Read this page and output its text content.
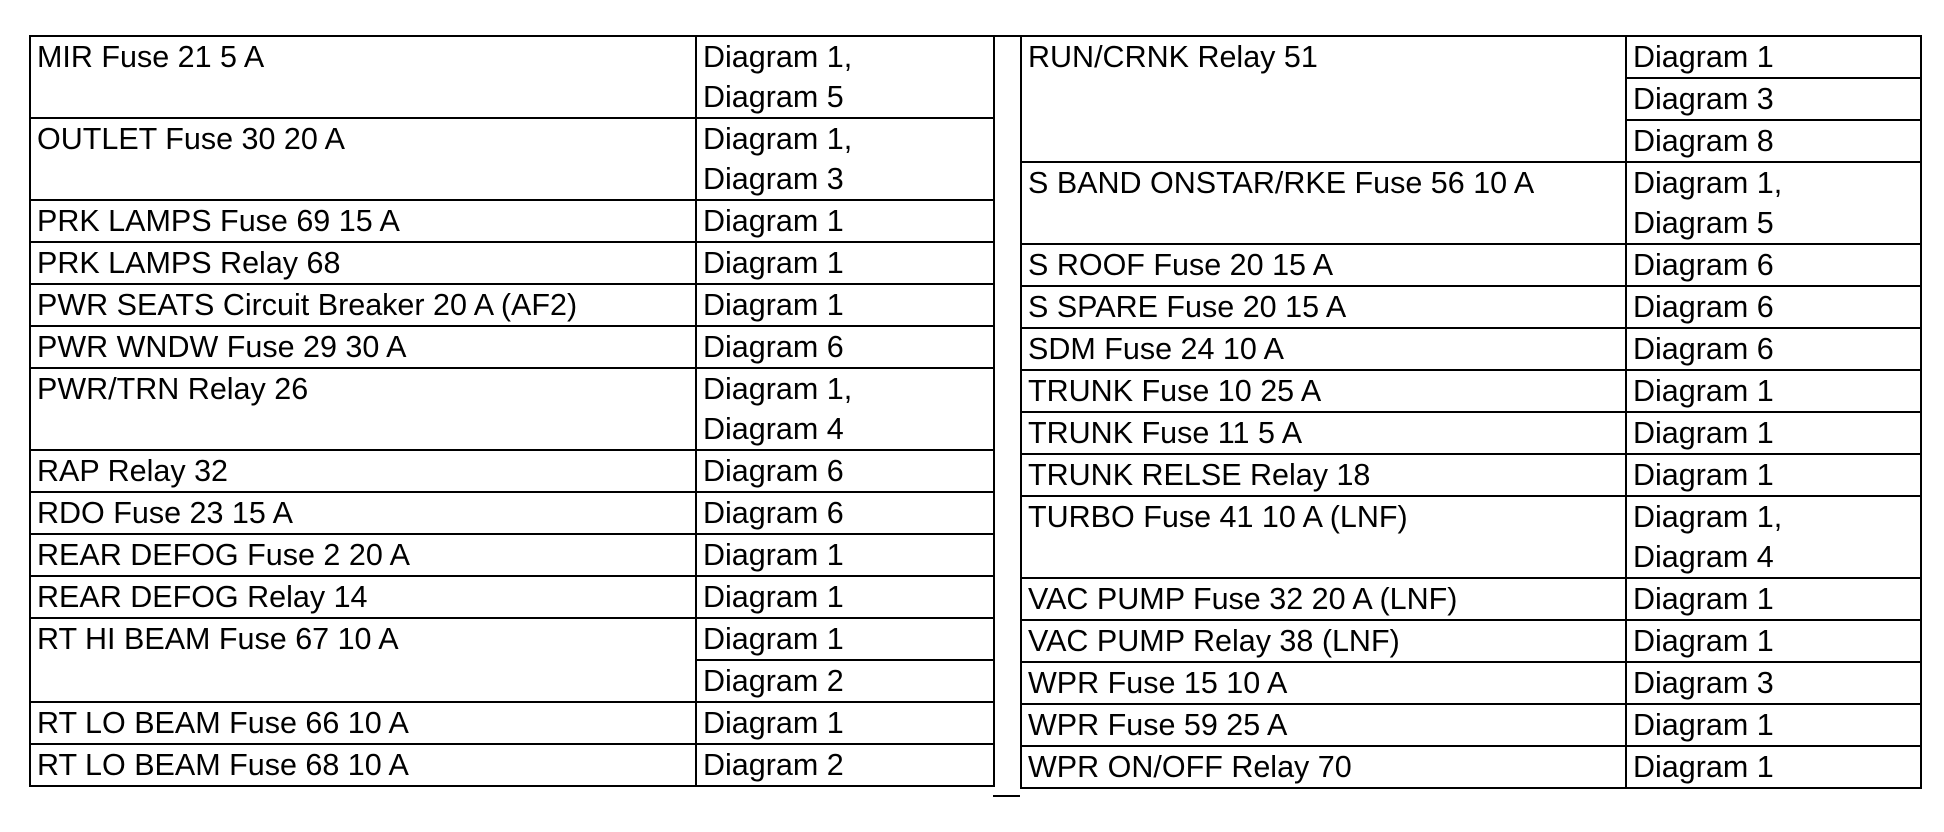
MIR Fuse 21 5 A	Diagram 1,
Diagram 5

OUTLET Fuse 30 20 A	Diagram 1,
Diagram 3

PRK LAMPS Fuse 69 15 A	Diagram 1

PRK LAMPS Relay 68	Diagram 1

PWR SEATS Circuit Breaker 20 A (AF2)	Diagram 1

PWR WNDW Fuse 29 30 A	Diagram 6

PWR/TRN Relay 26	Diagram 1,
Diagram 4

RAP Relay 32	Diagram 6

RDO Fuse 23 15 A	Diagram 6

REAR DEFOG Fuse 2 20 A	Diagram 1

REAR DEFOG Relay 14	Diagram 1

RT HI BEAM Fuse 67 10 A	Diagram 1
	Diagram 2
RT LO BEAM Fuse 66 10 A	Diagram 1

RT LO BEAM Fuse 68 10 A	Diagram 2
RUN/CRNK Relay 51	Diagram 1
	Diagram 3
	Diagram 8
S BAND ONSTAR/RKE Fuse 56 10 A	Diagram 1,
Diagram 5

S ROOF Fuse 20 15 A	Diagram 6

S SPARE Fuse 20 15 A	Diagram 6

SDM Fuse 24 10 A	Diagram 6

TRUNK Fuse 10 25 A	Diagram 1

TRUNK Fuse 11 5 A	Diagram 1

TRUNK RELSE Relay 18	Diagram 1

TURBO Fuse 41 10 A (LNF)	Diagram 1,
Diagram 4

VAC PUMP Fuse 32 20 A (LNF)	Diagram 1

VAC PUMP Relay 38 (LNF)	Diagram 1

WPR Fuse 15 10 A	Diagram 3

WPR Fuse 59 25 A	Diagram 1

WPR ON/OFF Relay 70	Diagram 1
